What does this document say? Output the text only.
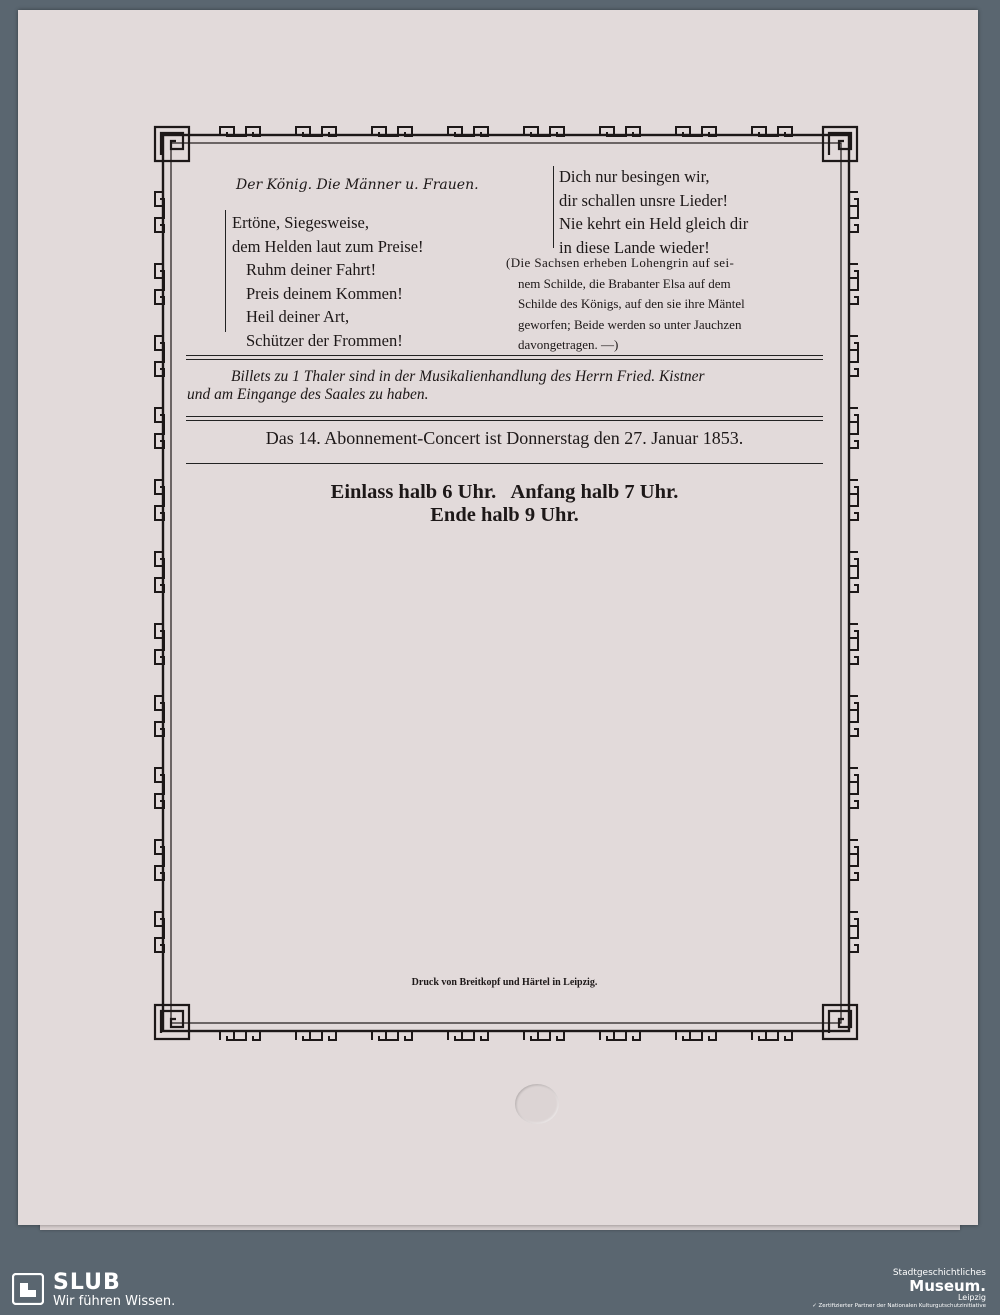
Der König. Die Männer u. Frauen.
Ertöne, Siegesweise,
dem Helden laut zum Preise!
Ruhm deiner Fahrt!
Preis deinem Kommen!
Heil deiner Art,
Schützer der Frommen!
Dich nur besingen wir,
dir schallen unsre Lieder!
Nie kehrt ein Held gleich dir
in diese Lande wieder!
(Die Sachsen erheben Lohengrin auf sei-
nem Schilde, die Brabanter Elsa auf dem
Schilde des Königs, auf den sie ihre Mäntel
geworfen; Beide werden so unter Jauchzen
davongetragen. —)
Billets zu 1 Thaler sind in der Musikalienhandlung des Herrn Fried. Kistner
und am Eingange des Saales zu haben.
Das 14. Abonnement-Concert ist Donnerstag den 27. Januar 1853.
Einlass halb 6 Uhr.   Anfang halb 7 Uhr.
Ende halb 9 Uhr.
Druck von Breitkopf und Härtel in Leipzig.
SLUB
Wir führen Wissen.
Stadtgeschichtliches
Museum.
Leipzig
✓ Zertifizierter Partner der Nationalen Kulturgutschutzinitiative
